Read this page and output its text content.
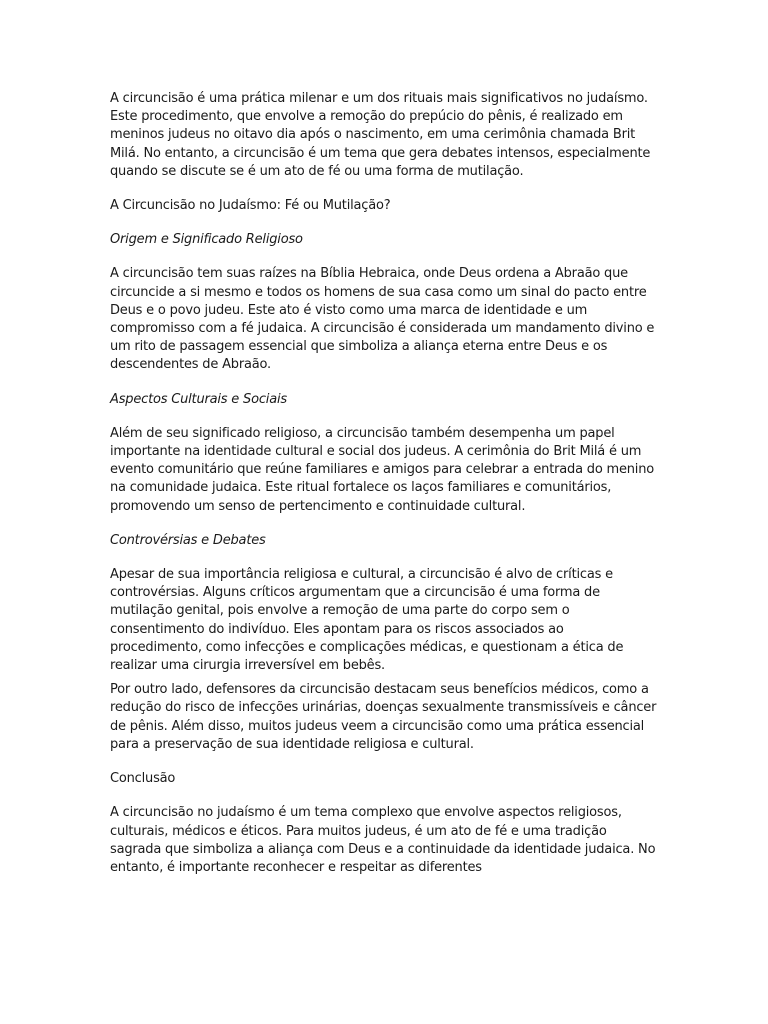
A circuncisão é uma prática milenar e um dos rituais mais significativos no judaísmo. Este procedimento, que envolve a remoção do prepúcio do pênis, é realizado em meninos judeus no oitavo dia após o nascimento, em uma cerimônia chamada Brit Milá. No entanto, a circuncisão é um tema que gera debates intensos, especialmente quando se discute se é um ato de fé ou uma forma de mutilação.

A Circuncisão no Judaísmo: Fé ou Mutilação?

Origem e Significado Religioso

A circuncisão tem suas raízes na Bíblia Hebraica, onde Deus ordena a Abraão que circuncide a si mesmo e todos os homens de sua casa como um sinal do pacto entre Deus e o povo judeu. Este ato é visto como uma marca de identidade e um compromisso com a fé judaica. A circuncisão é considerada um mandamento divino e um rito de passagem essencial que simboliza a aliança eterna entre Deus e os descendentes de Abraão.

Aspectos Culturais e Sociais

Além de seu significado religioso, a circuncisão também desempenha um papel importante na identidade cultural e social dos judeus. A cerimônia do Brit Milá é um evento comunitário que reúne familiares e amigos para celebrar a entrada do menino na comunidade judaica. Este ritual fortalece os laços familiares e comunitários, promovendo um senso de pertencimento e continuidade cultural.

Controvérsias e Debates

Apesar de sua importância religiosa e cultural, a circuncisão é alvo de críticas e controvérsias. Alguns críticos argumentam que a circuncisão é uma forma de mutilação genital, pois envolve a remoção de uma parte do corpo sem o consentimento do indivíduo. Eles apontam para os riscos associados ao procedimento, como infecções e complicações médicas, e questionam a ética de realizar uma cirurgia irreversível em bebês.

Por outro lado, defensores da circuncisão destacam seus benefícios médicos, como a redução do risco de infecções urinárias, doenças sexualmente transmissíveis e câncer de pênis. Além disso, muitos judeus veem a circuncisão como uma prática essencial para a preservação de sua identidade religiosa e cultural.

Conclusão

A circuncisão no judaísmo é um tema complexo que envolve aspectos religiosos, culturais, médicos e éticos. Para muitos judeus, é um ato de fé e uma tradição sagrada que simboliza a aliança com Deus e a continuidade da identidade judaica. No entanto, é importante reconhecer e respeitar as diferentes
